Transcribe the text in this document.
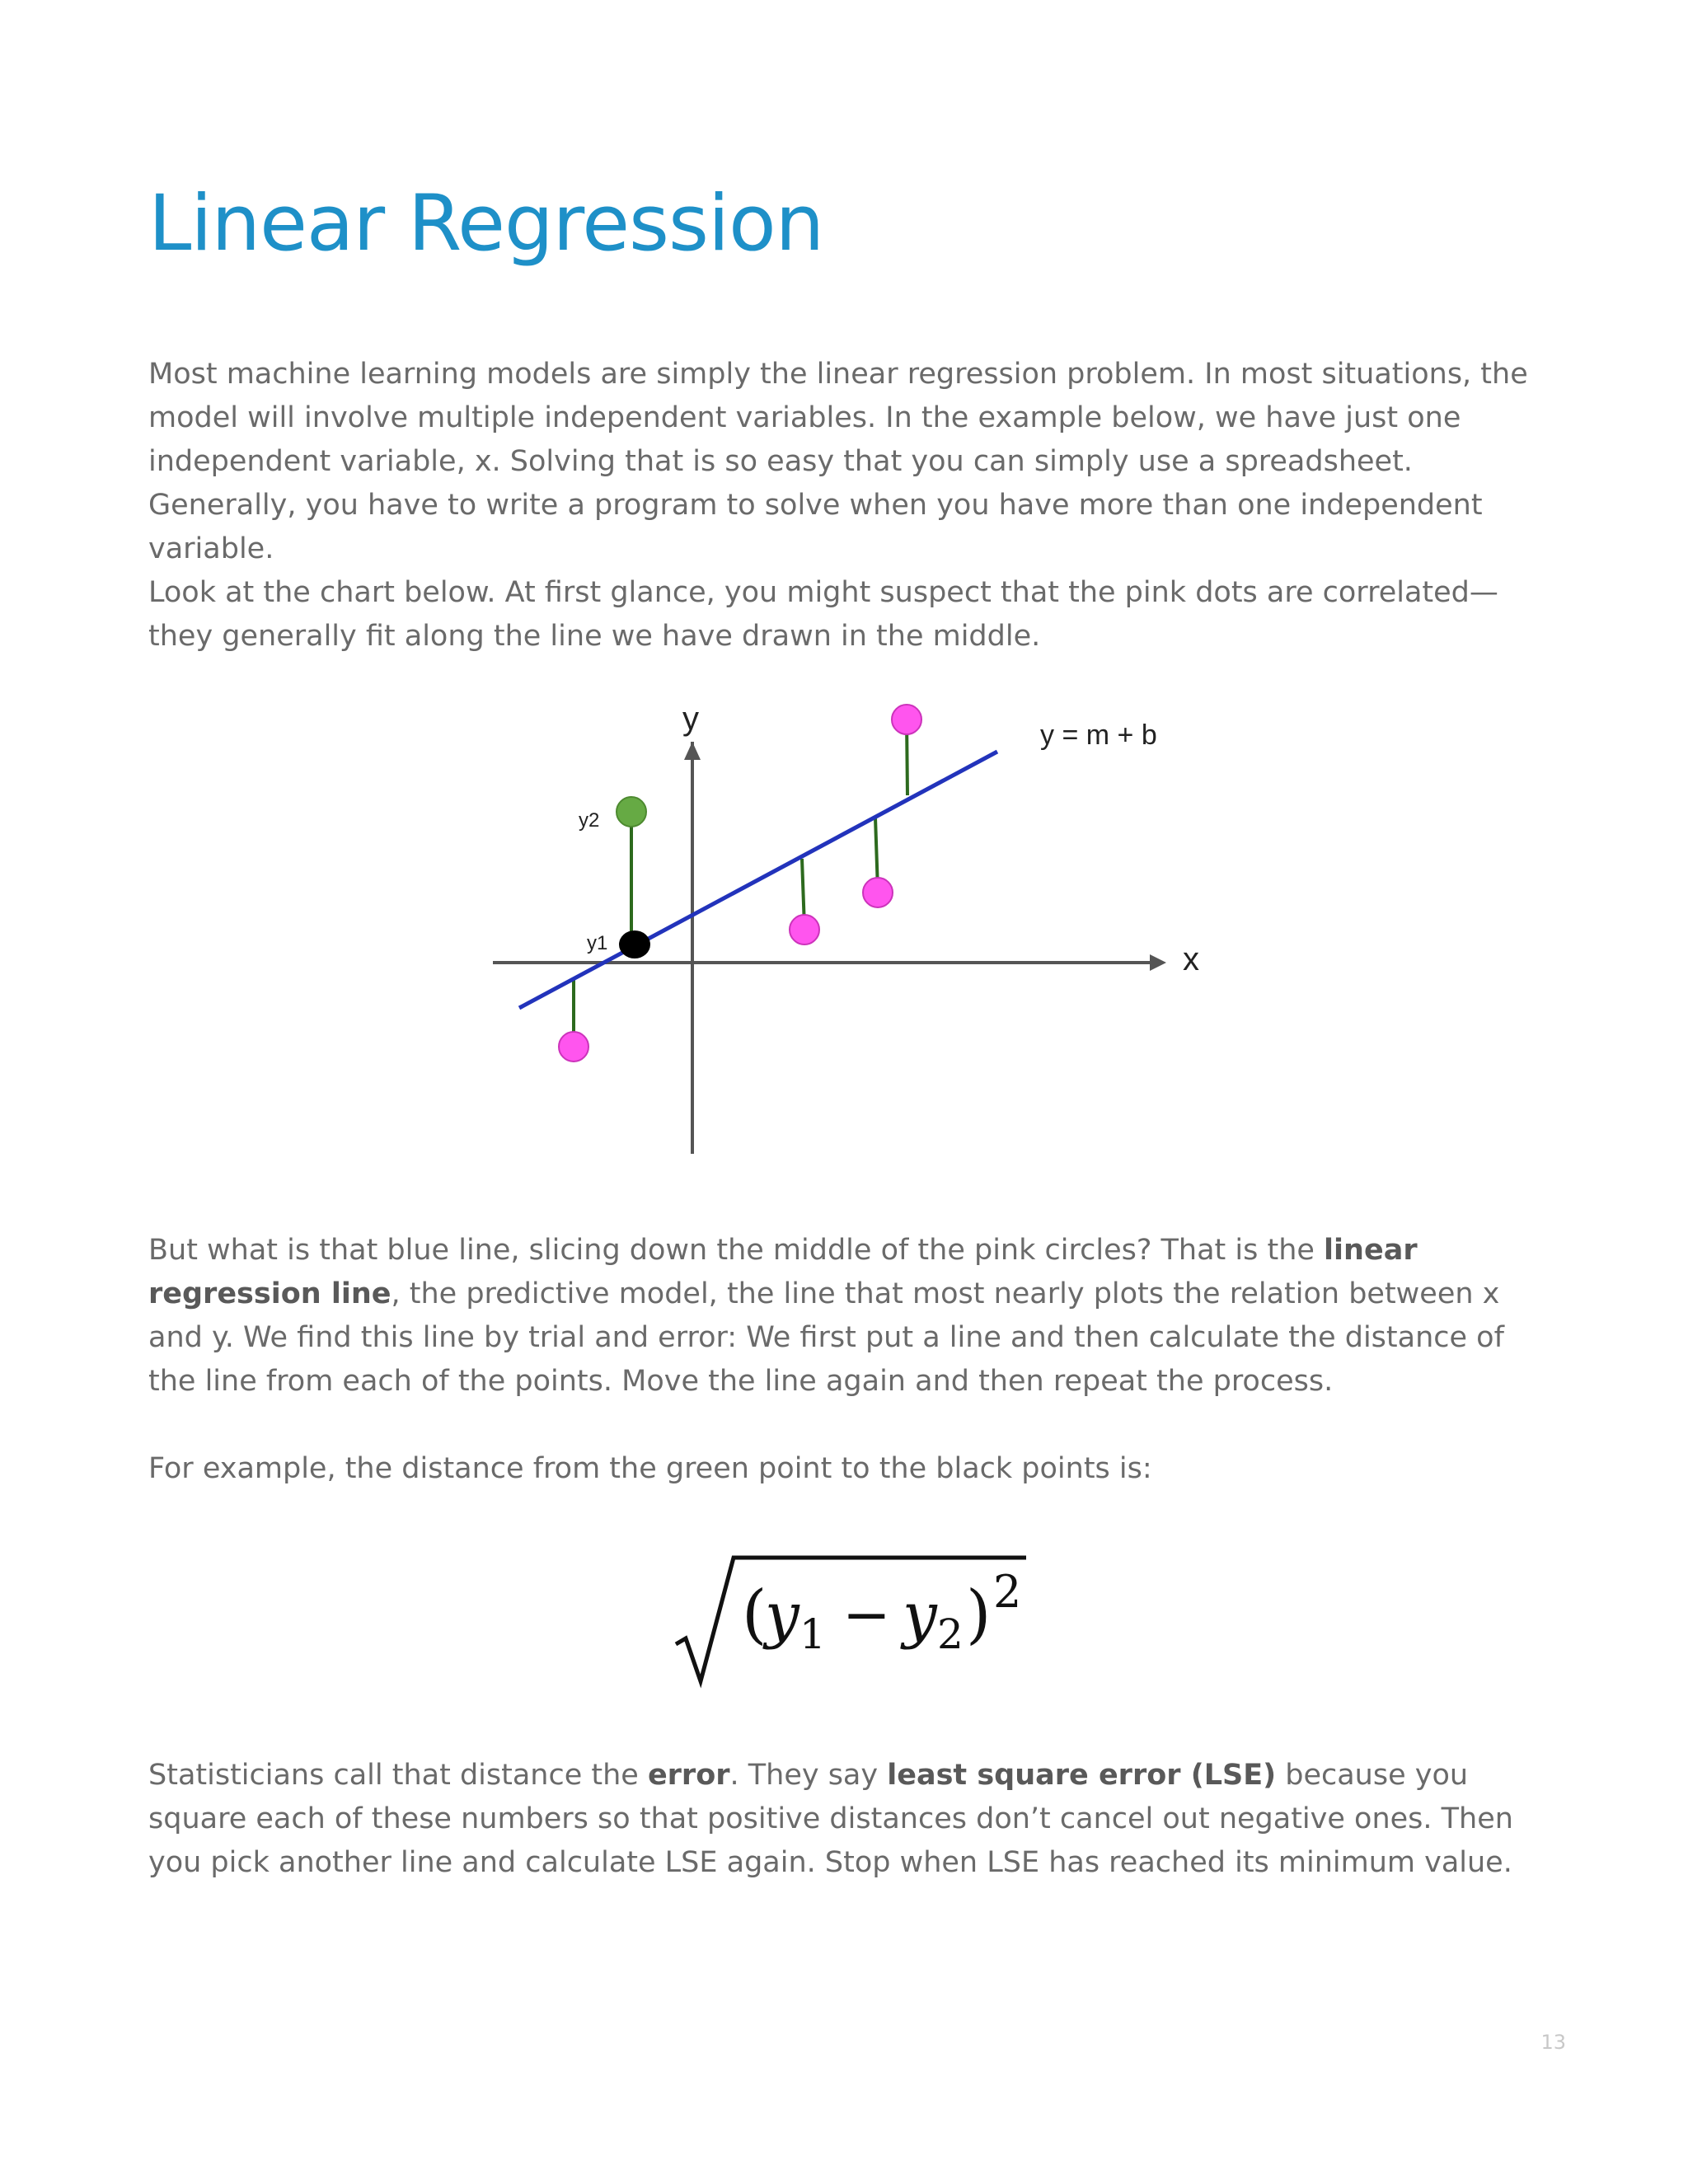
Linear Regression

Most machine learning models are simply the linear regression problem. In most situations, the model will involve multiple independent variables. In the example below, we have just one independent variable, x. Solving that is so easy that you can simply use a spreadsheet. Generally, you have to write a program to solve when you have more than one independent variable.

Look at the chart below. At first glance, you might suspect that the pink dots are correlated—they generally fit along the line we have drawn in the middle.

y
x
y = m + b
y2
y1

But what is that blue line, slicing down the middle of the pink circles? That is the linear regression line, the predictive model, the line that most nearly plots the relation between x and y. We find this line by trial and error: We first put a line and then calculate the distance of the line from each of the points. Move the line again and then repeat the process.

For example, the distance from the green point to the black points is:

(
y 1 − y 2 ) 2

Statisticians call that distance the error. They say least square error (LSE) because you square each of these numbers so that positive distances don’t cancel out negative ones. Then you pick another line and calculate LSE again. Stop when LSE has reached its minimum value.

13
